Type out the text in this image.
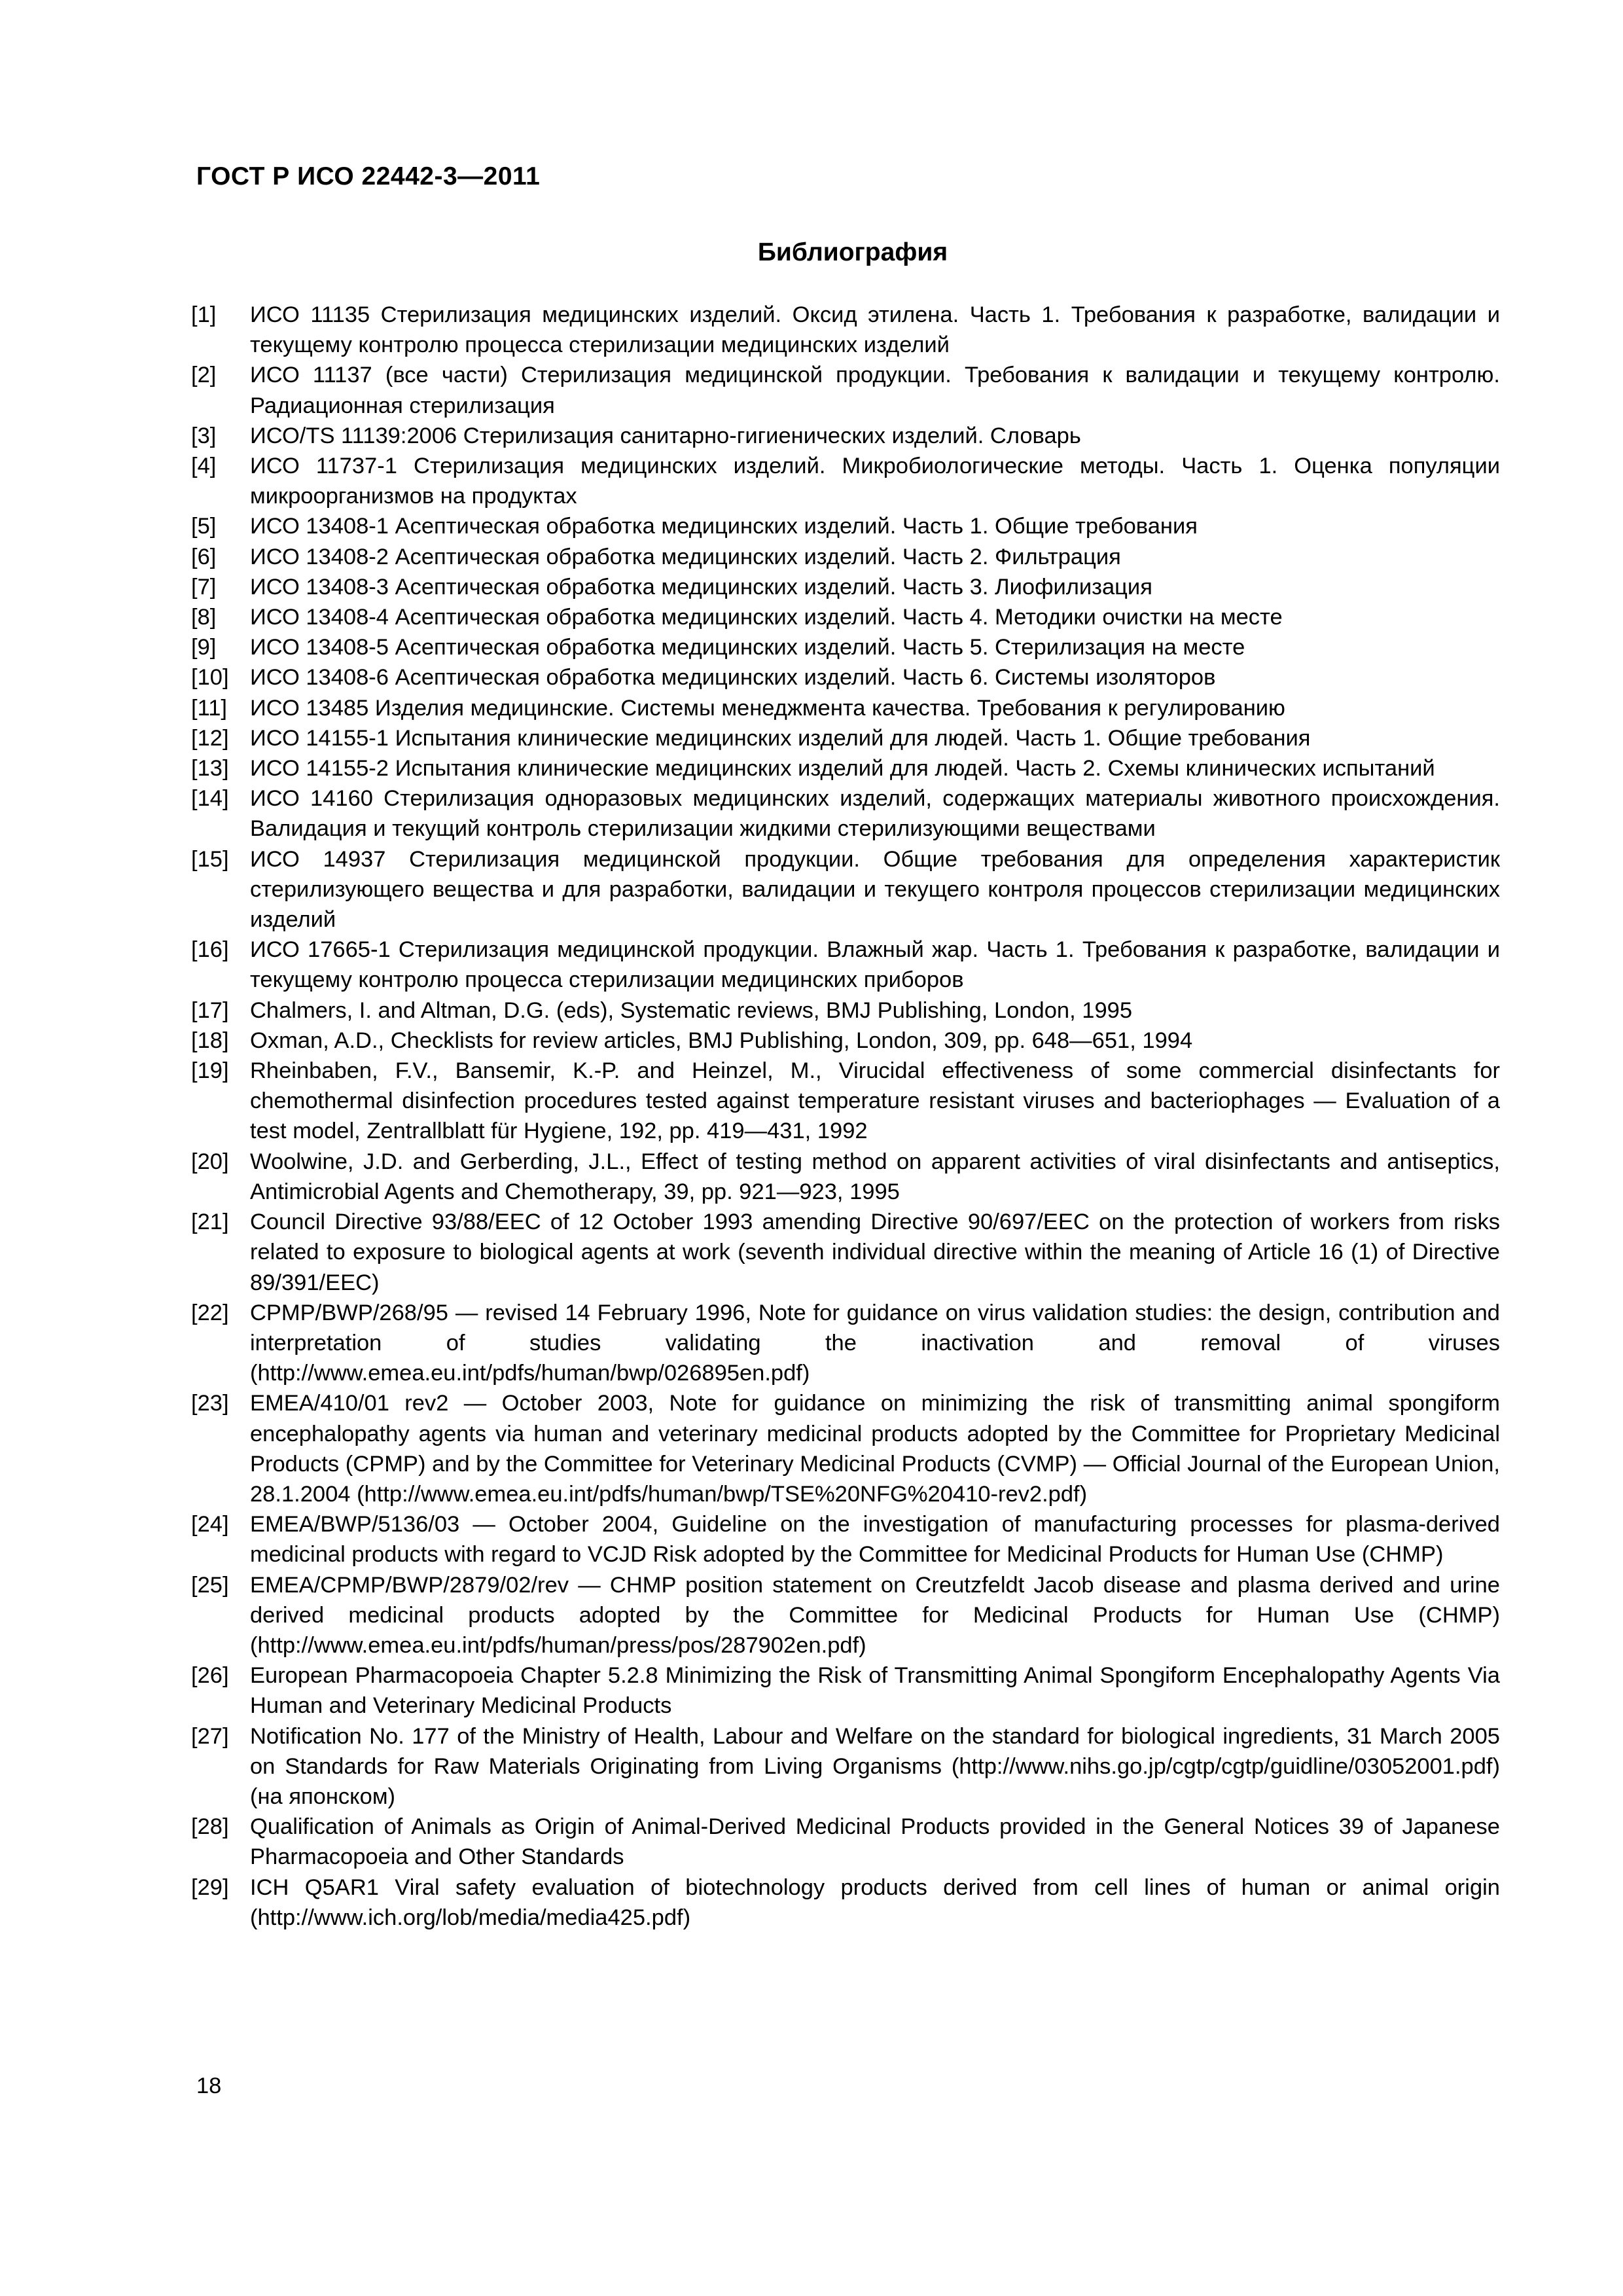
ГОСТ Р ИСО 22442-3—2011
Библиография
[1]	ИСО 11135 Стерилизация медицинских изделий. Оксид этилена. Часть 1. Требования к разработке, валидации и текущему контролю процесса стерилизации медицинских изделий
[2]	ИСО 11137 (все части) Стерилизация медицинской продукции. Требования к валидации и текущему контролю. Радиационная стерилизация
[3]	ИСО/TS 11139:2006 Стерилизация санитарно-гигиенических изделий. Словарь
[4]	ИСО 11737-1 Стерилизация медицинских изделий. Микробиологические методы. Часть 1. Оценка популяции микроорганизмов на продуктах
[5]	ИСО 13408-1 Асептическая обработка медицинских изделий. Часть 1. Общие требования
[6]	ИСО 13408-2 Асептическая обработка медицинских изделий. Часть 2. Фильтрация
[7]	ИСО 13408-3 Асептическая обработка медицинских изделий. Часть 3. Лиофилизация
[8]	ИСО 13408-4 Асептическая обработка медицинских изделий. Часть 4. Методики очистки на месте
[9]	ИСО 13408-5 Асептическая обработка медицинских изделий. Часть 5. Стерилизация на месте
[10] ИСО 13408-6 Асептическая обработка медицинских изделий. Часть 6. Системы изоляторов
[11]	ИСО 13485 Изделия медицинские. Системы менеджмента качества. Требования к регулированию
[12] ИСО 14155-1 Испытания клинические медицинских изделий для людей. Часть 1. Общие требования
[13] ИСО 14155-2 Испытания клинические медицинских изделий для людей. Часть 2. Схемы клинических испытаний
[14] ИСО 14160 Стерилизация одноразовых медицинских изделий, содержащих материалы животного происхождения. Валидация и текущий контроль стерилизации жидкими стерилизующими веществами
[15] ИСО 14937 Стерилизация медицинской продукции. Общие требования для определения характеристик стерилизующего вещества и для разработки, валидации и текущего контроля процессов стерилизации медицинских изделий
[16] ИСО 17665-1 Стерилизация медицинской продукции. Влажный жар. Часть 1. Требования к разработке, валидации и текущему контролю процесса стерилизации медицинских приборов
[17] Chalmers, I. and Altman, D.G. (eds), Systematic reviews, BMJ Publishing, London, 1995
[18] Oxman, A.D., Checklists for review articles, BMJ Publishing, London, 309, pp. 648—651, 1994
[19] Rheinbaben, F.V., Bansemir, K.-P. and Heinzel, M., Virucidal effectiveness of some commercial disinfectants for chemothermal disinfection procedures tested against temperature resistant viruses and bacteriophages — Evaluation of a test model, Zentrallblatt für Hygiene, 192, pp. 419—431, 1992
[20] Woolwine, J.D. and Gerberding, J.L., Effect of testing method on apparent activities of viral disinfectants and antiseptics, Antimicrobial Agents and Chemotherapy, 39, pp. 921—923, 1995
[21] Council Directive 93/88/EEC of 12 October 1993 amending Directive 90/697/EEC on the protection of workers from risks related to exposure to biological agents at work (seventh individual directive within the meaning of Article 16 (1) of Directive 89/391/EEC)
[22] CPMP/BWP/268/95 — revised 14 February 1996, Note for guidance on virus validation studies: the design, contribution and interpretation of studies validating the inactivation and removal of viruses (http://www.emea.eu.int/pdfs/human/bwp/026895en.pdf)
[23] EMEA/410/01 rev2 — October 2003, Note for guidance on minimizing the risk of transmitting animal spongiform encephalopathy agents via human and veterinary medicinal products adopted by the Committee for Proprietary Medicinal Products (CPMP) and by the Committee for Veterinary Medicinal Products (CVMP) — Official Journal of the European Union, 28.1.2004 (http://www.emea.eu.int/pdfs/human/bwp/TSE%20NFG%20410-rev2.pdf)
[24] EMEA/BWP/5136/03 — October 2004, Guideline on the investigation of manufacturing processes for plasma-derived medicinal products with regard to VCJD Risk adopted by the Committee for Medicinal Products for Human Use (CHMP)
[25] EMEA/CPMP/BWP/2879/02/rev — CHMP position statement on Creutzfeldt Jacob disease and plasma derived and urine derived medicinal products adopted by the Committee for Medicinal Products for Human Use (CHMP) (http://www.emea.eu.int/pdfs/human/press/pos/287902en.pdf)
[26] European Pharmacopoeia Chapter 5.2.8 Minimizing the Risk of Transmitting Animal Spongiform Encephalopathy Agents Via Human and Veterinary Medicinal Products
[27] Notification No. 177 of the Ministry of Health, Labour and Welfare on the standard for biological ingredients, 31 March 2005 on Standards for Raw Materials Originating from Living Organisms (http://www.nihs.go.jp/cgtp/cgtp/guidline/03052001.pdf) (на японском)
[28] Qualification of Animals as Origin of Animal-Derived Medicinal Products provided in the General Notices 39 of Japanese Pharmacopoeia and Other Standards
[29] ICH Q5AR1 Viral safety evaluation of biotechnology products derived from cell lines of human or animal origin (http://www.ich.org/lob/media/media425.pdf)
18
